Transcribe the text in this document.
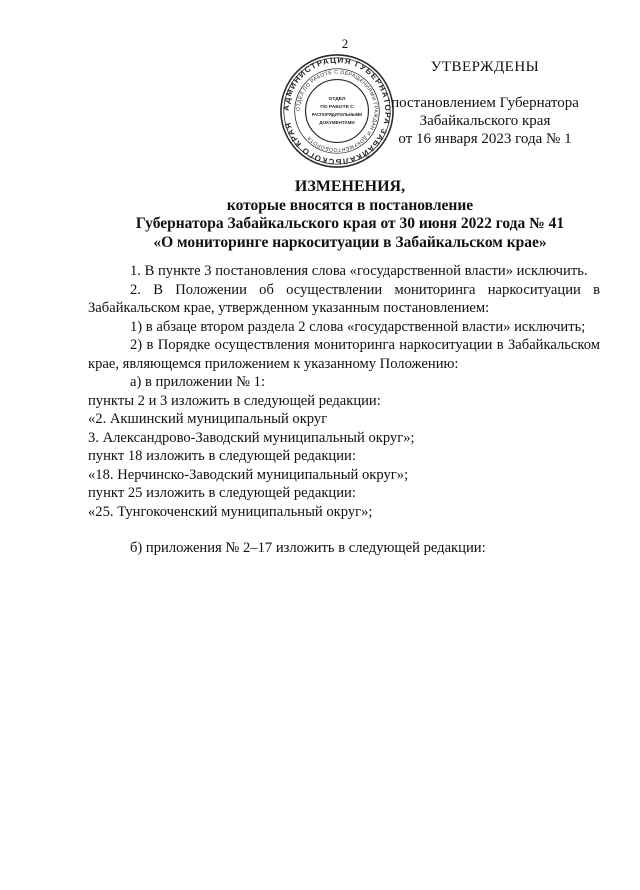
2
АДМИНИСТРАЦИЯ ГУБЕРНАТОРА ЗАБАЙКАЛЬСКОГО КРАЯ
ОТДЕЛ ПО РАБОТЕ С ОБРАЩЕНИЯМИ ГРАЖДАН И ДОКУМЕНТООБОРОТА
ОТДЕЛ
ПО РАБОТЕ С
РАСПОРЯДИТЕЛЬНЫМИ
ДОКУМЕНТАМИ
УТВЕРЖДЕНЫ
постановлением Губернатора
Забайкальского края
от 16 января 2023 года № 1
ИЗМЕНЕНИЯ,
которые вносятся в постановление
Губернатора Забайкальского края от 30 июня 2022 года № 41
«О мониторинге наркоситуации в Забайкальском крае»

1. В пункте 3 постановления слова «государственной власти» исключить.

2. В Положении об осуществлении мониторинга наркоситуации в Забайкальском крае, утвержденном указанным постановлением:

1) в абзаце втором раздела 2 слова «государственной власти» исключить;

2) в Порядке осуществления мониторинга наркоситуации в Забайкальском крае, являющемся приложением к указанному Положению:

а) в приложении № 1:

пункты 2 и 3 изложить в следующей редакции:

«2. Акшинский муниципальный округ

3. Александрово-Заводский муниципальный округ»;

пункт 18 изложить в следующей редакции:

«18. Нерчинско-Заводский муниципальный округ»;

пункт 25 изложить в следующей редакции:

«25. Тунгокоченский муниципальный округ»;

б) приложения № 2–17 изложить в следующей редакции:
